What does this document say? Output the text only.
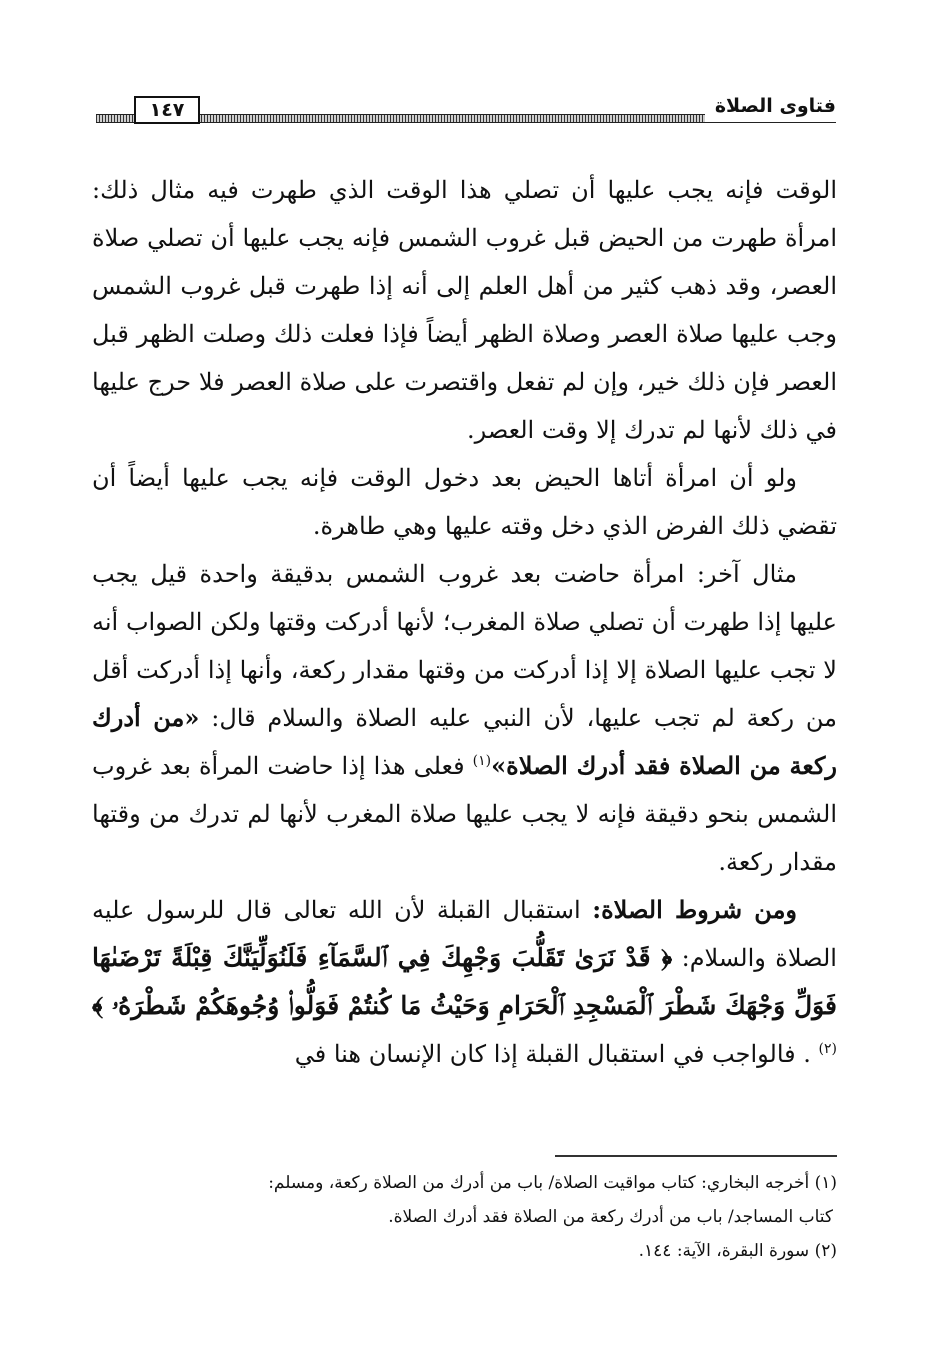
فتاوى الصلاة
١٤٧

الوقت فإنه يجب عليها أن تصلي هذا الوقت الذي طهرت فيه مثال ذلك: امرأة طهرت من الحيض قبل غروب الشمس فإنه يجب عليها أن تصلي صلاة العصر، وقد ذهب كثير من أهل العلم إلى أنه إذا طهرت قبل غروب الشمس وجب عليها صلاة العصر وصلاة الظهر أيضاً فإذا فعلت ذلك وصلت الظهر قبل العصر فإن ذلك خير، وإن لم تفعل واقتصرت على صلاة العصر فلا حرج عليها في ذلك لأنها لم تدرك إلا وقت العصر.

ولو أن امرأة أتاها الحيض بعد دخول الوقت فإنه يجب عليها أيضاً أن تقضي ذلك الفرض الذي دخل وقته عليها وهي طاهرة.

مثال آخر: امرأة حاضت بعد غروب الشمس بدقيقة واحدة قيل يجب عليها إذا طهرت أن تصلي صلاة المغرب؛ لأنها أدركت وقتها ولكن الصواب أنه لا تجب عليها الصلاة إلا إذا أدركت من وقتها مقدار ركعة، وأنها إذا أدركت أقل من ركعة لم تجب عليها، لأن النبي عليه الصلاة والسلام قال: «من أدرك ركعة من الصلاة فقد أدرك الصلاة»$^{(١)}$ فعلى هذا إذا حاضت المرأة بعد غروب الشمس بنحو دقيقة فإنه لا يجب عليها صلاة المغرب لأنها لم تدرك من وقتها مقدار ركعة.

ومن شروط الصلاة: استقبال القبلة لأن الله تعالى قال للرسول عليه الصلاة والسلام: ﴿ قَدْ نَرَىٰ تَقَلُّبَ وَجْهِكَ فِي ٱلسَّمَآءِ فَلَنُوَلِّيَنَّكَ قِبْلَةً تَرْضَىٰهَا فَوَلِّ وَجْهَكَ شَطْرَ ٱلْمَسْجِدِ ٱلْحَرَامِ وَحَيْثُ مَا كُنتُمْ فَوَلُّوا۟ وُجُوهَكُمْ شَطْرَهُۥ ﴾$^{(٢)}$ . فالواجب في استقبال القبلة إذا كان الإنسان هنا في

(١) أخرجه البخاري: كتاب مواقيت الصلاة/ باب من أدرك من الصلاة ركعة، ومسلم:

كتاب المساجد/ باب من أدرك ركعة من الصلاة فقد أدرك الصلاة.

(٢) سورة البقرة، الآية: ١٤٤.
